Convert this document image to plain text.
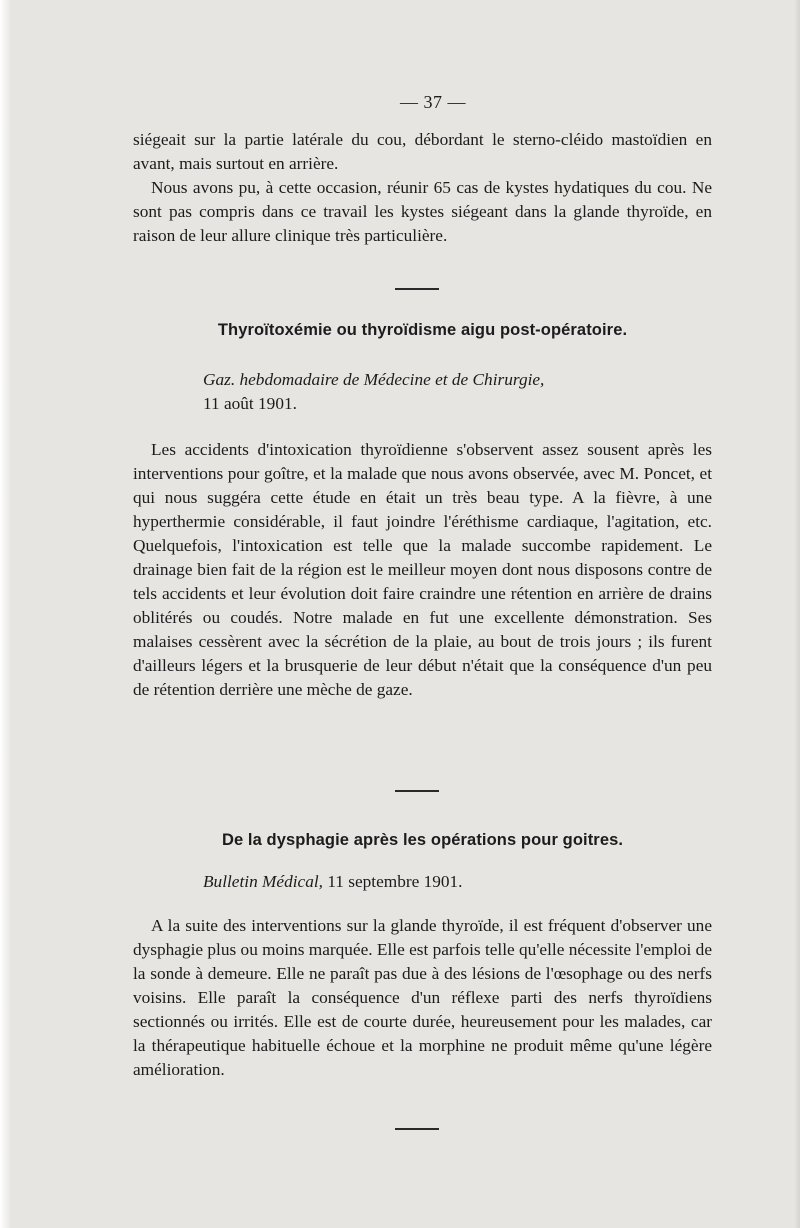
— 37 —

siégeait sur la partie latérale du cou, débordant le sterno-cléido mastoïdien en avant, mais surtout en arrière.

Nous avons pu, à cette occasion, réunir 65 cas de kystes hydatiques du cou. Ne sont pas compris dans ce travail les kystes siégeant dans la glande thyroïde, en raison de leur allure clinique très particulière.

Thyroïtoxémie ou thyroïdisme aigu post-opératoire.

Gaz. hebdomadaire de Médecine et de Chirurgie,
11 août 1901.

Les accidents d'intoxication thyroïdienne s'observent assez sousent après les interventions pour goître, et la malade que nous avons observée, avec M. Poncet, et qui nous suggéra cette étude en était un très beau type. A la fièvre, à une hyperthermie considérable, il faut joindre l'éréthisme cardiaque, l'agitation, etc. Quelquefois, l'intoxication est telle que la malade succombe rapidement. Le drainage bien fait de la région est le meilleur moyen dont nous disposons contre de tels accidents et leur évolution doit faire craindre une rétention en arrière de drains oblitérés ou coudés. Notre malade en fut une excellente démonstration. Ses malaises cessèrent avec la sécrétion de la plaie, au bout de trois jours ; ils furent d'ailleurs légers et la brusquerie de leur début n'était que la conséquence d'un peu de rétention derrière une mèche de gaze.

De la dysphagie après les opérations pour goitres.

Bulletin Médical, 11 septembre 1901.

A la suite des interventions sur la glande thyroïde, il est fréquent d'observer une dysphagie plus ou moins marquée. Elle est parfois telle qu'elle nécessite l'emploi de la sonde à demeure. Elle ne paraît pas due à des lésions de l'œsophage ou des nerfs voisins. Elle paraît la conséquence d'un réflexe parti des nerfs thyroïdiens sectionnés ou irrités. Elle est de courte durée, heureusement pour les malades, car la thérapeutique habituelle échoue et la morphine ne produit même qu'une légère amélioration.
